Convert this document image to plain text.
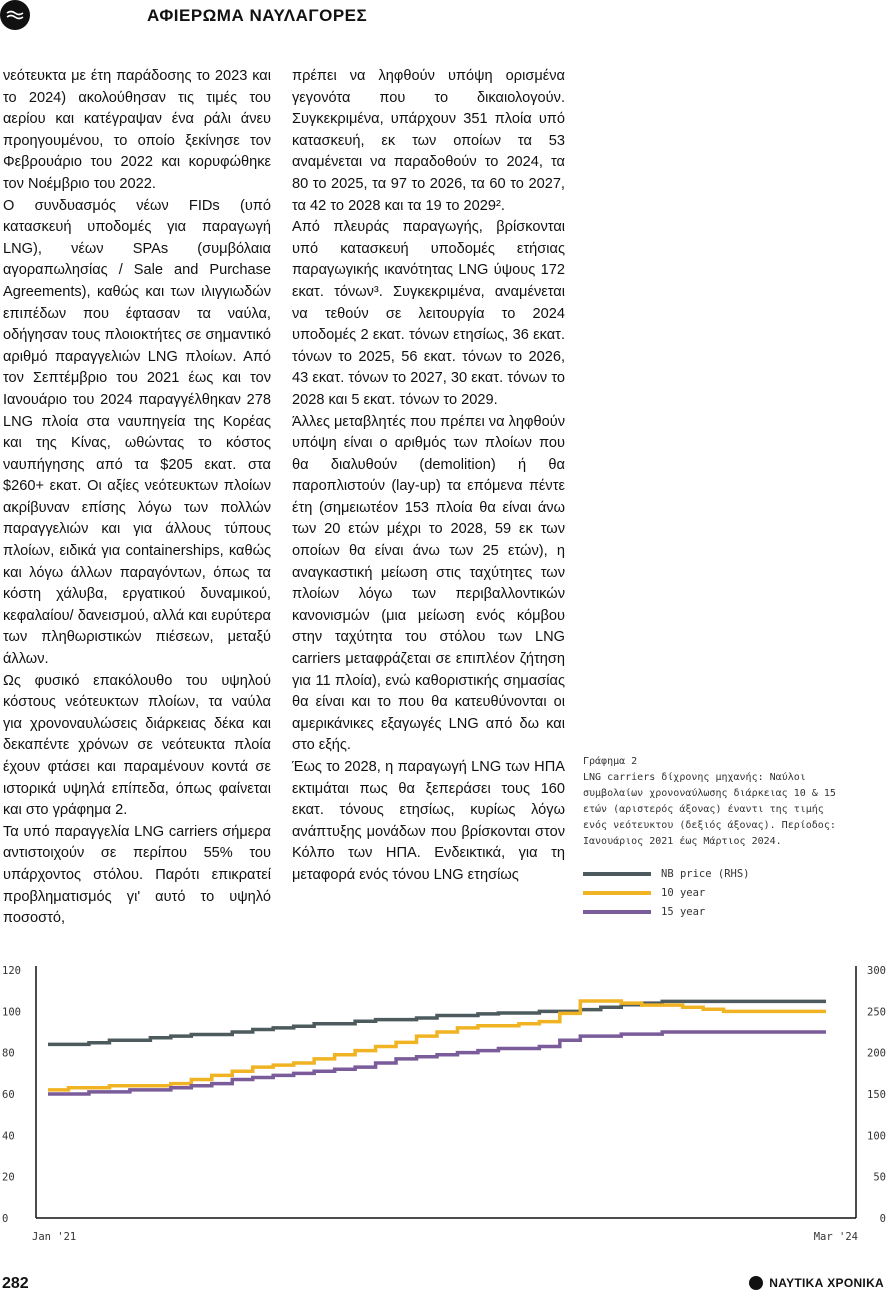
ΑΦΙΕΡΩΜΑ ΝΑΥΛΑΓΟΡΕΣ

νεότευκτα με έτη παράδοσης το 2023 και το 2024) ακολούθησαν τις τιμές του αερίου και κατέγραψαν ένα ράλι άνευ προηγουμένου, το οποίο ξεκίνησε τον Φεβρουάριο του 2022 και κορυφώθηκε τον Νοέμβριο του 2022.

Ο συνδυασμός νέων FIDs (υπό κατασκευή υποδομές για παραγωγή LNG), νέων SPAs (συμβόλαια αγοραπωλησίας / Sale and Purchase Agreements), καθώς και των ιλιγγιωδών επιπέδων που έφτασαν τα ναύλα, οδήγησαν τους πλοιοκτήτες σε σημαντικό αριθμό παραγγελιών LNG πλοίων. Από τον Σεπτέμβριο του 2021 έως και τον Ιανουάριο του 2024 παραγγέλθηκαν 278 LNG πλοία στα ναυπηγεία της Κορέας και της Κίνας, ωθώντας το κόστος ναυπήγησης από τα $205 εκατ. στα $260+ εκατ. Οι αξίες νεότευκτων πλοίων ακρίβυναν επίσης λόγω των πολλών παραγγελιών και για άλλους τύπους πλοίων, ειδικά για containerships, καθώς και λόγω άλλων παραγόντων, όπως τα κόστη χάλυβα, εργατικού δυναμικού, κεφαλαίου/ δανεισμού, αλλά και ευρύτερα των πληθωριστικών πιέσεων, μεταξύ άλλων.

Ως φυσικό επακόλουθο του υψηλού κόστους νεότευκτων πλοίων, τα ναύλα για χρονοναυλώσεις διάρκειας δέκα και δεκαπέντε χρόνων σε νεότευκτα πλοία έχουν φτάσει και παραμένουν κοντά σε ιστορικά υψηλά επίπεδα, όπως φαίνεται και στο γράφημα 2.

Τα υπό παραγγελία LNG carriers σήμερα αντιστοιχούν σε περίπου 55% του υπάρχοντος στόλου. Παρότι επικρατεί προβληματισμός γι' αυτό το υψηλό ποσοστό,

πρέπει να ληφθούν υπόψη ορισμένα γεγονότα που το δικαιολογούν. Συγκεκριμένα, υπάρχουν 351 πλοία υπό κατασκευή, εκ των οποίων τα 53 αναμένεται να παραδοθούν το 2024, τα 80 το 2025, τα 97 το 2026, τα 60 το 2027, τα 42 το 2028 και τα 19 το 2029².

Από πλευράς παραγωγής, βρίσκονται υπό κατασκευή υποδομές ετήσιας παραγωγικής ικανότητας LNG ύψους 172 εκατ. τόνων³. Συγκεκριμένα, αναμένεται να τεθούν σε λειτουργία το 2024 υποδομές 2 εκατ. τόνων ετησίως, 36 εκατ. τόνων το 2025, 56 εκατ. τόνων το 2026, 43 εκατ. τόνων το 2027, 30 εκατ. τόνων το 2028 και 5 εκατ. τόνων το 2029.

Άλλες μεταβλητές που πρέπει να ληφθούν υπόψη είναι ο αριθμός των πλοίων που θα διαλυθούν (demolition) ή θα παροπλιστούν (lay-up) τα επόμενα πέντε έτη (σημειωτέον 153 πλοία θα είναι άνω των 20 ετών μέχρι το 2028, 59 εκ των οποίων θα είναι άνω των 25 ετών), η αναγκαστική μείωση στις ταχύτητες των πλοίων λόγω των περιβαλλοντικών κανονισμών (μια μείωση ενός κόμβου στην ταχύτητα του στόλου των LNG carriers μεταφράζεται σε επιπλέον ζήτηση για 11 πλοία), ενώ καθοριστικής σημασίας θα είναι και το που θα κατευθύνονται οι αμερικάνικες εξαγωγές LNG από δω και στο εξής.

Έως το 2028, η παραγωγή LNG των ΗΠΑ εκτιμάται πως θα ξεπεράσει τους 160 εκατ. τόνους ετησίως, κυρίως λόγω ανάπτυξης μονάδων που βρίσκονται στον Κόλπο των ΗΠΑ. Ενδεικτικά, για τη μεταφορά ενός τόνου LNG ετησίως

Γράφημα 2
LNG carriers δίχρονης μηχανής: Ναύλοι
συμβολαίων χρονοναύλωσης διάρκειας 10 & 15
ετών (αριστερός άξονας) έναντι της τιμής
ενός νεότευκτου (δεξιός άξονας). Περίοδος:
Ιανουάριος 2021 έως Μάρτιος 2024.
NB price (RHS)
10 year
15 year
120
100
80
60
40
20
0
300
250
200
150
100
50
0
Jan '21	Mar '24
282	ΝΑΥΤΙΚΑ ΧΡΟΝΙΚΑ
